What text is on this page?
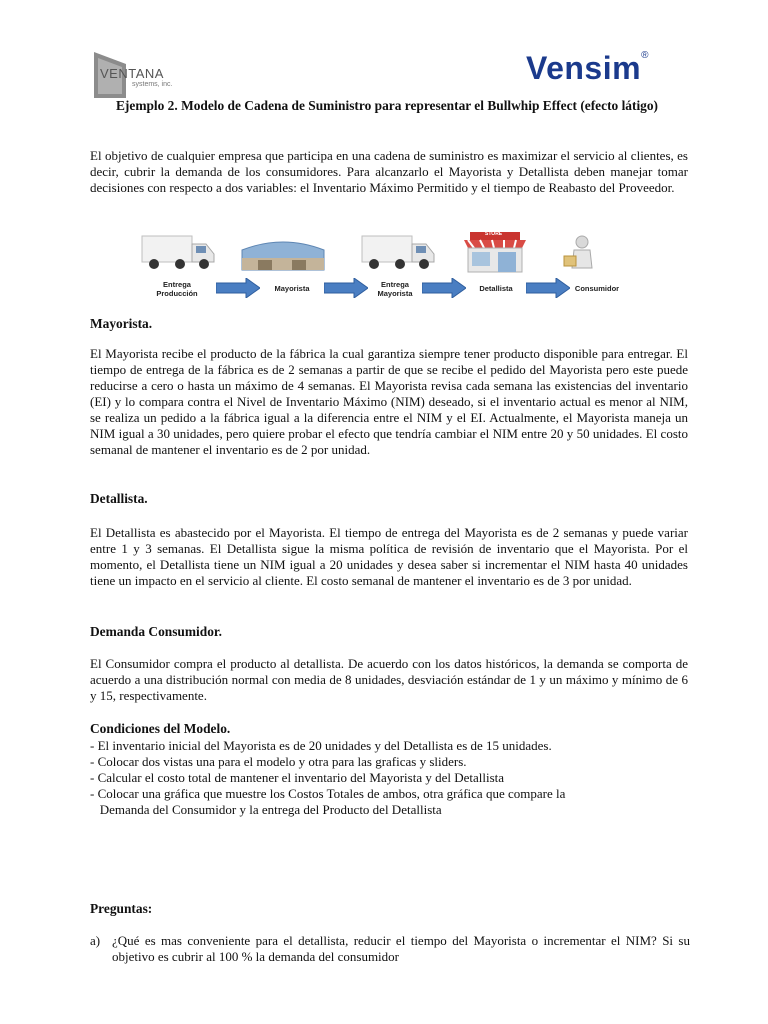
VENTANA
systems, inc.	Vensim®
Ejemplo 2. Modelo de Cadena de Suministro para representar el Bullwhip Effect (efecto látigo)

El objetivo de cualquier empresa que participa en una cadena de suministro es maximizar el servicio al clientes, es decir, cubrir la demanda de los consumidores. Para alcanzarlo el Mayorista y Detallista deben manejar tomar decisiones con respecto a dos variables: el Inventario Máximo Permitido y el tiempo de Reabasto del Proveedor.

STORE
Entrega Producción
Mayorista	Entrega Mayorista
Detallista	Consumidor

Mayorista.

El Mayorista recibe el producto de la fábrica la cual garantiza siempre tener producto disponible para entregar. El tiempo de entrega de la fábrica es de 2 semanas a partir de que se recibe el pedido del Mayorista pero este puede reducirse a cero o hasta un máximo de 4 semanas. El Mayorista revisa cada semana las existencias del inventario (EI) y lo compara contra el Nivel de Inventario Máximo (NIM) deseado, si el inventario actual es menor al NIM, se realiza un pedido a la fábrica igual a la diferencia entre el NIM y el EI. Actualmente, el Mayorista maneja un NIM igual a 30 unidades, pero quiere probar el efecto que tendría cambiar el NIM entre 20 y 50 unidades. El costo semanal de mantener el inventario es de 2 por unidad.

Detallista.

El Detallista es abastecido por el Mayorista. El tiempo de entrega del Mayorista es de 2 semanas y puede variar entre 1 y 3 semanas. El Detallista sigue la misma política de revisión de inventario que el Mayorista. Por el momento, el Detallista tiene un NIM igual a 20 unidades y desea saber si incrementar el NIM hasta 40 unidades tiene un impacto en el servicio al cliente. El costo semanal de mantener el inventario es de 3 por unidad.

Demanda Consumidor.

El Consumidor compra el producto al detallista. De acuerdo con los datos históricos, la demanda se comporta de acuerdo a una distribución normal con media de 8 unidades, desviación estándar de 1 y un máximo y mínimo de 6 y 15, respectivamente.

Condiciones del Modelo.

- El inventario inicial del Mayorista es de 20 unidades y del Detallista es de 15 unidades.

- Colocar dos vistas una para el modelo y otra para las graficas y sliders.

- Calcular el costo total de mantener el inventario del Mayorista y del Detallista

- Colocar una gráfica que muestre los Costos Totales de ambos, otra gráfica que compare la

Demanda del Consumidor y la entrega del Producto del Detallista

Preguntas:

a) ¿Qué es mas conveniente para el detallista, reducir el tiempo del Mayorista o incrementar el NIM? Si su objetivo es cubrir al 100 % la demanda del consumidor
